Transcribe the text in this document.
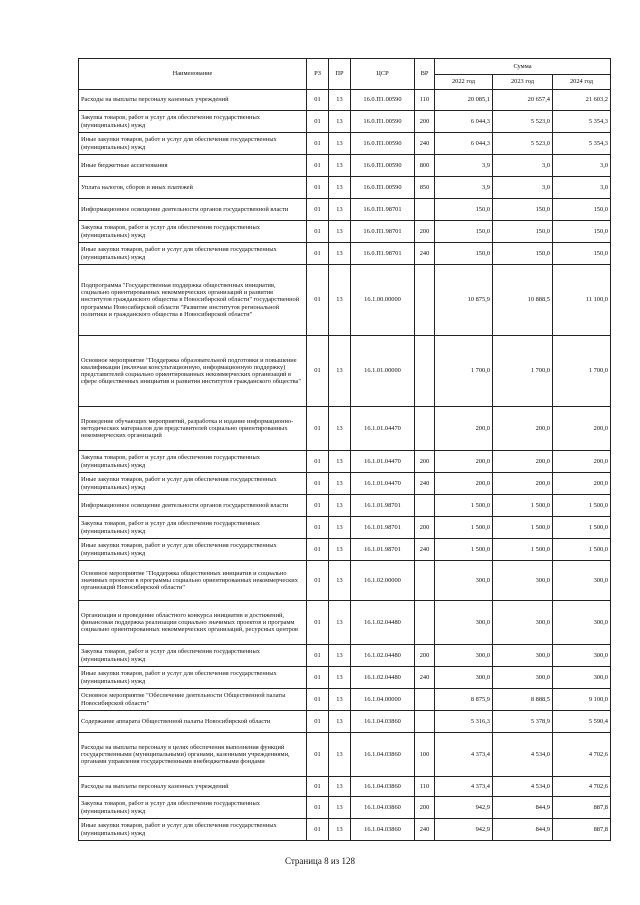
Наименование	РЗ	ПР	ЦСР	ВР	Сумма		
					2022 год	2023 год	2024 год
Расходы на выплаты персоналу казенных учреждений	01	13	16.0.П1.00590	110	20 085,1	20 657,4	21 603,2
Закупка товаров, работ и услуг для обеспечения государственных (муниципальных) нужд	01	13	16.0.П1.00590	200	6 044,3	5 523,0	5 354,3
Иные закупки товаров, работ и услуг для обеспечения государственных (муниципальных) нужд	01	13	16.0.П1.00590	240	6 044,3	5 523,0	5 354,3
Иные бюджетные ассигнования	01	13	16.0.П1.00590	800	3,9	3,0	3,0
Уплата налогов, сборов и иных платежей	01	13	16.0.П1.00590	850	3,9	3,0	3,0
Информационное освещение деятельности органов государственной власти	01	13	16.0.П1.98701		150,0	150,0	150,0
Закупка товаров, работ и услуг для обеспечения государственных (муниципальных) нужд	01	13	16.0.П1.98701	200	150,0	150,0	150,0
Иные закупки товаров, работ и услуг для обеспечения государственных (муниципальных) нужд	01	13	16.0.П1.98701	240	150,0	150,0	150,0
Подпрограмма "Государственная поддержка общественных инициатив, социально ориентированных некоммерческих организаций и развития институтов гражданского общества в Новосибирской области" государственной программы Новосибирской области "Развитие институтов региональной политики и гражданского общества в Новосибирской области"	01	13	16.1.00.00000		10 875,9	10 888,5	11 100,0
Основное мероприятие "Поддержка образовательной подготовки и повышение квалификации (включая консультационную, информационную поддержку) представителей социально ориентированных некоммерческих организаций в сфере общественных инициатив и развития институтов гражданского общества"	01	13	16.1.01.00000		1 700,0	1 700,0	1 700,0
Проведение обучающих мероприятий, разработка и издание информационно-методических материалов для представителей социально ориентированных некоммерческих организаций	01	13	16.1.01.04470		200,0	200,0	200,0
Закупка товаров, работ и услуг для обеспечения государственных (муниципальных) нужд	01	13	16.1.01.04470	200	200,0	200,0	200,0
Иные закупки товаров, работ и услуг для обеспечения государственных (муниципальных) нужд	01	13	16.1.01.04470	240	200,0	200,0	200,0
Информационное освещение деятельности органов государственной власти	01	13	16.1.01.98701		1 500,0	1 500,0	1 500,0
Закупка товаров, работ и услуг для обеспечения государственных (муниципальных) нужд	01	13	16.1.01.98701	200	1 500,0	1 500,0	1 500,0
Иные закупки товаров, работ и услуг для обеспечения государственных (муниципальных) нужд	01	13	16.1.01.98701	240	1 500,0	1 500,0	1 500,0
Основное мероприятие "Поддержка общественных инициатив и социально значимых проектов в программы социально ориентированных некоммерческих организаций Новосибирской области"	01	13	16.1.02.00000		300,0	300,0	300,0
Организация и проведение областного конкурса инициатив и достижений, финансовая поддержка реализации социально значимых проектов и программ социально ориентированных некоммерческих организаций, ресурсных центров	01	13	16.1.02.04480		300,0	300,0	300,0
Закупка товаров, работ и услуг для обеспечения государственных (муниципальных) нужд	01	13	16.1.02.04480	200	300,0	300,0	300,0
Иные закупки товаров, работ и услуг для обеспечения государственных (муниципальных) нужд	01	13	16.1.02.04480	240	300,0	300,0	300,0
Основное мероприятие "Обеспечение деятельности Общественной палаты Новосибирской области"	01	13	16.1.04.00000		8 875,9	8 888,5	9 100,0
Содержание аппарата Общественной палаты Новосибирской области	01	13	16.1.04.03860		5 316,3	5 378,9	5 590,4
Расходы на выплаты персоналу в целях обеспечения выполнения функций государственными (муниципальными) органами, казенными учреждениями, органами управления государственными внебюджетными фондами	01	13	16.1.04.03860	100	4 373,4	4 534,0	4 702,6
Расходы на выплаты персоналу казенных учреждений	01	13	16.1.04.03860	110	4 373,4	4 534,0	4 702,6
Закупка товаров, работ и услуг для обеспечения государственных (муниципальных) нужд	01	13	16.1.04.03860	200	942,9	844,9	887,8
Иные закупки товаров, работ и услуг для обеспечения государственных (муниципальных) нужд	01	13	16.1.04.03860	240	942,9	844,9	887,8
Страница 8 из 128
